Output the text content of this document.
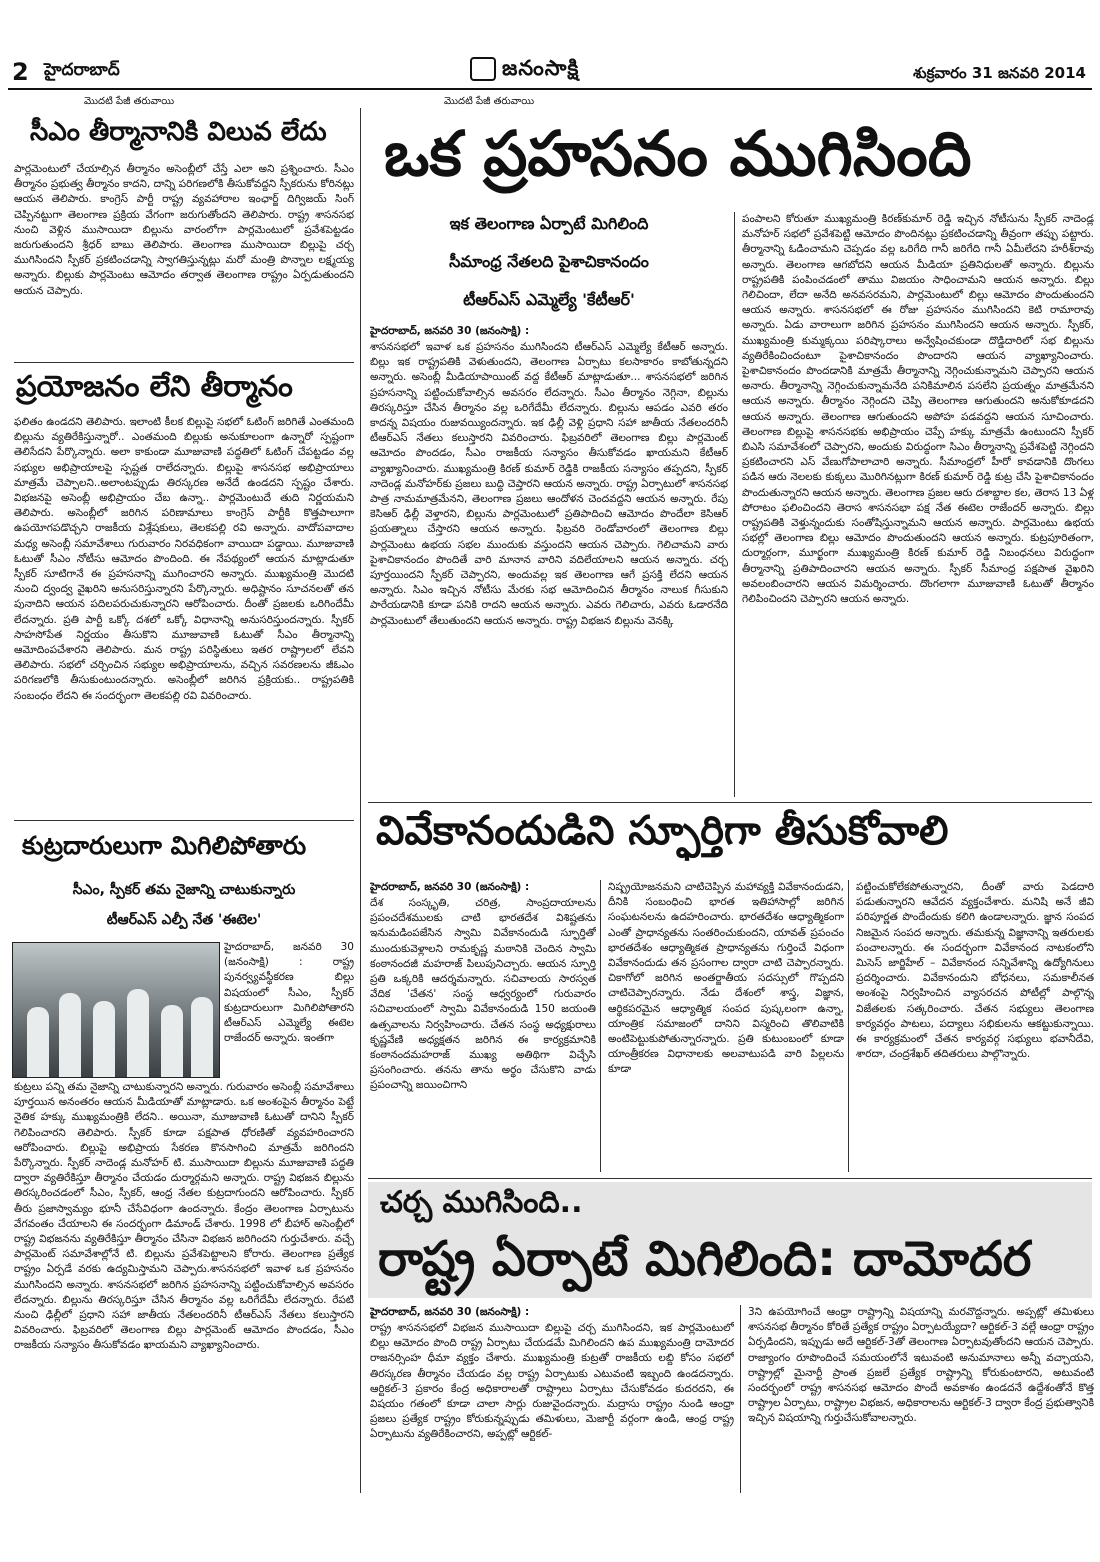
2 హైదరాబాద్	జనంసాక్షి	శుక్రవారం 31 జనవరి 2014
మొదటి పేజీ తరువాయి	మొదటి పేజీ తరువాయి
సీఎం తీర్మానానికి విలువ లేదు
పార్లమెంటులో చేయాల్సిన తీర్మానం అసెంబ్లీలో చేస్తే ఎలా అని ప్రశ్నించారు. సీఎం తీర్మానం ప్రభుత్వ తీర్మానం కాదని, దాన్ని పరిగణలోకి తీసుకోవద్దని స్పీకరును కోరినట్లు ఆయన తెలిపారు. కాంగ్రెస్ పార్టీ రాష్ట్ర వ్యవహారాల ఇంఛార్జ్ దిగ్విజయ్ సింగ్ చెప్పినట్టుగా తెలంగాణ ప్రక్రియ వేగంగా జరుగుతోందని తెలిపారు. రాష్ట్ర శాసనసభ నుంచి వెళ్లిన ముసాయిదా బిల్లును వారంలోగా పార్లమెంటులో ప్రవేశపెట్టడం జరుగుతుందని శ్రీధర్ బాబు తెలిపారు. తెలంగాణ ముసాయిదా బిల్లుపై చర్చ ముగిసిందని స్పీకర్ ప్రకటించడాన్ని స్వాగతిస్తున్నట్లు మరో మంత్రి పొన్నాల లక్ష్మయ్య అన్నారు. బిల్లుకు పార్లమెంటు ఆమోదం తర్వాత తెలంగాణ రాష్ట్రం ఏర్పడుతుందని ఆయన చెప్పారు.
ప్రయోజనం లేని తీర్మానం
ఫలితం ఉండదని తెలిపారు. ఇలాంటి కీలక బిల్లుపై సభలో ఓటింగ్ జరిగితే ఎంతమంది బిల్లును వ్యతిరేకిస్తున్నారో.. ఎంతమంది బిల్లుకు అనుకూలంగా ఉన్నారో స్పష్టంగా తెలిసేదని పేర్కొన్నారు. అలా కాకుండా మూజువాణి పద్ధతిలో ఓటింగ్ చేపట్టడం వల్ల సభ్యుల అభిప్రాయాలపై స్పష్టత రాలేదన్నారు. బిల్లుపై శాసనసభ అభిప్రాయాలు మాత్రమే చెప్పాలని..అలాంటప్పుడు తిరస్కరణ అనేదే ఉండదని స్పష్టం చేశారు. విభజనపై అసెంబ్లీ అభిప్రాయం చేబ ఉన్నా.. పార్లమెంటుదే తుది నిర్ణయమని తెలిపారు. అసెంబ్లీలో జరిగిన పరిణామాలు కాంగ్రెస్ పార్టీకి కొత్తపాలూగా ఉపయోగపడొచ్చని రాజకీయ విశ్లేషకులు, తెలకపల్లి రవి అన్నారు. వాదోపవాదాల మధ్య అసెంబ్లీ సమావేశాలు గురువారం నిరవధికంగా వాయిదా పడ్డాయి. మూజువాణి ఓటుతో సీఎం నోటీసు ఆమోదం పొందింది. ఈ నేపథ్యంలో ఆయన మాట్లాడుతూ స్పీకర్ సూటిగానే ఈ ప్రహసనాన్ని ముగించారని అన్నారు. ముఖ్యమంత్రి మొదటి నుంచి ద్వంద్వ వైఖరిని అనుసరిస్తున్నారని పేర్కొన్నారు. అధిష్టానం సూచనలతో తన పునాదిని ఆయన పదిలపరుచుకున్నారని ఆరోపించారు. దీంతో ప్రజలకు ఒరిగిందేమీ లేదన్నారు. ప్రతి పార్టీ ఒక్కో దశలో ఒక్కో విధానాన్ని అనుసరిస్తుందన్నారు. స్పీకర్ సాహసోపేత నిర్ణయం తీసుకొని మూజువాణి ఓటుతో సీఎం తీర్మానాన్ని ఆమోదింపచేశారని తెలిపారు. మన రాష్ట్ర పరిస్థితులు ఇతర రాష్ట్రాలలో లేవని తెలిపారు. సభలో చర్చించిన సభ్యుల అభిప్రాయాలను, వచ్చిన సవరణలను జీఓఎం పరిగణలోకి తీసుకుంటుందన్నారు. అసెంబ్లీలో జరిగిన ప్రక్రియకు.. రాష్ట్రపతికి సంబంధం లేదని ఈ సందర్భంగా తెలకపల్లి రవి వివరించారు.
కుట్రదారులుగా మిగిలిపోతారు
సీఎం, స్పీకర్ తమ నైజాన్ని చాటుకున్నారు
టీఆర్ఎస్ ఎల్పీ నేత 'ఈటెల'
హైదరాబాద్, జనవరి 30 (జనంసాక్షి) : రాష్ట్ర పునర్వ్యవస్థీకరణ బిల్లు విషయంలో సీఎం, స్పీకర్ కుట్రదారులుగా మిగిలిపోతారని టీఆర్ఎస్ ఎమ్మెల్యే ఈటెల రాజేందర్ అన్నారు. ఇంతగా
కుట్రలు పన్ని తమ నైజాన్ని చాటుకున్నారని అన్నారు. గురువారం అసెంబ్లీ సమావేశాలు పూర్తయిన అనంతరం ఆయన మీడియాతో మాట్లాడారు. ఒక అంశంపైన తీర్మానం పెట్టే నైతిక హక్కు ముఖ్యమంత్రికి లేదని.. అయినా, మూజువాణి ఓటుతో దానిని స్పీకర్ గెలిపించారని తెలిపారు. స్పీకర్ కూడా పక్షపాత ధోరణితో వ్యవహరించారని ఆరోపించారు. బిల్లుపై అభిప్రాయ సేకరణ కొనసాగించి మాత్రమే జరిగిందని పేర్కొన్నారు. స్పీకర్ నాదెండ్ల మనోహర్ టి. ముసాయిదా బిల్లును మూజువాణి పద్ధతి ద్వారా వ్యతిరేకిస్తూ తీర్మానం చేయడం దుర్మార్గమని అన్నారు. రాష్ట్ర విభజన బిల్లును తిరస్కరించడంలో సీఎం, స్పీకర్, ఆంధ్ర నేతల కుట్రదాగుందని ఆరోపించారు. స్పీకర్ తీరు ప్రజాస్వామ్యం భూనీ చేసేవిధంగా ఉందన్నారు. కేంద్రం తెలంగాణ ఏర్పాటును వేగవంతం చేయాలని ఈ సందర్భంగా డిమాండ్ చేశారు. 1998 లో బీహార్ అసెంబ్లీలో రాష్ట్ర విభజనను వ్యతిరేకిస్తూ తీర్మానం చేసినా విభజన జరిగిందని గుర్తుచేశారు. వచ్చే పార్లమెంట్ సమావేశాల్లోనే టి. బిల్లును ప్రవేశపెట్టాలని కోరారు. తెలంగాణ ప్రత్యేక రాష్ట్రం ఏర్పడే వరకు ఉద్యమిస్తామని చెప్పారు.శాసనసభలో ఇవాళ ఒక ప్రహసనం ముగిసిందని అన్నారు. శాసనసభలో జరిగిన ప్రహసనాన్ని పట్టించుకోవాల్సిన అవసరం లేదన్నారు. బిల్లును తిరస్కరిస్తూ చేసిన తీర్మానం వల్ల ఒరిగేదేమీ లేదన్నారు. రేపటి నుంచి ఢిల్లీలో ప్రధాని సహా జాతీయ నేతలందరినీ టీఆర్ఎస్ నేతలు కలుస్తారని వివరించారు. ఫిబ్రవరిలో తెలంగాణ బిల్లు పార్లమెంట్ ఆమోదం పొందడం, సీఎం రాజకీయ సన్యాసం తీసుకోవడం ఖాయమని వ్యాఖ్యానించారు.
ఒక ప్రహసనం ముగిసింది
ఇక తెలంగాణ ఏర్పాటే మిగిలింది
సీమాంధ్ర నేతలది పైశాచికానందం
టీఆర్ఎస్ ఎమ్మెల్యే 'కేటీఆర్'
హైదరాబాద్, జనవరి 30 (జనంసాక్షి) :
శాసనసభలో ఇవాళ ఒక ప్రహసనం ముగిసిందని టీఆర్ఎస్ ఎమ్మెల్యే కేటీఆర్ అన్నారు. బిల్లు ఇక రాష్ట్రపతికి వెళుతుందని, తెలంగాణ ఏర్పాటు కలసాకారం కాబోతున్నదని అన్నారు. అసెంబ్లీ మీడియాపాయింట్ వద్ద కేటీఆర్ మాట్లాడుతూ... శాసనసభలో జరిగిన ప్రహసనాన్ని పట్టించుకోవాల్సిన అవసరం లేదన్నారు. సీఎం తీర్మానం నెగ్గినా, బిల్లును తిరస్కరిస్తూ చేసిన తీర్మానం వల్ల ఒరిగేదేమీ లేదన్నారు. బిల్లును ఆపడం ఎవరి తరం కాదన్న విషయం రుజువయ్యిందన్నారు. ఇక ఢిల్లీ వెళ్లి ప్రధాని సహా జాతీయ నేతలందరినీ టీఆర్ఎస్ నేతలు కలుస్తారని వివరించారు. ఫిబ్రవరిలో తెలంగాణ బిల్లు పార్లమెంట్ ఆమోదం పొందడం, సీఎం రాజకీయ సన్యాసం తీసుకోవడం ఖాయమని కేటీఆర్ వ్యాఖ్యానించారు. ముఖ్యమంత్రి కిరణ్ కుమార్ రెడ్డికి రాజకీయ సన్యాసం తప్పదని, స్పీకర్ నాదెండ్ల మనోహర్‌కు ప్రజలు బుద్ధి చెప్తారని ఆయన అన్నారు. రాష్ట్ర ఏర్పాటులో శాసనసభ పాత్ర నామమాత్రమేనని, తెలంగాణ ప్రజలు ఆందోళన చెందవద్దని ఆయన అన్నారు. రేపు కెసిఆర్ ఢిల్లీ వెళ్తారని, బిల్లును పార్లమెంటులో ప్రతిపాదించి ఆమోదం పొందేలా కెసిఆర్ ప్రయత్నాలు చేస్తారని ఆయన అన్నారు. ఫిబ్రవరి రెండోవారంలో తెలంగాణ బిల్లు పార్లమెంటు ఉభయ సభల ముందుకు వస్తుందని ఆయన చెప్పారు. గెలిచామని వారు పైశాచికానందం పొందితే వారి మానాన వారిని వదిలేయాలని ఆయన అన్నారు. చర్చ పూర్తయిందని స్పీకర్ చెప్పారని, అందువల్ల ఇక తెలంగాణ ఆగే ప్రసక్తి లేదని ఆయన అన్నారు. సిఎం ఇచ్చిన నోటీసు మేరకు సభ ఆమోదించిన తీర్మానం నాలుక గీసుకుని పారేయడానికి కూడా పనికి రాదని ఆయన అన్నారు. ఎవరు గెలిచారు, ఎవరు ఓడారనేది పార్లమెంటులో తేలుతుందని ఆయన అన్నారు. రాష్ట్ర విభజన బిల్లును వెనక్కి
పంపాలని కోరుతూ ముఖ్యమంత్రి కిరణ్‌కుమార్ రెడ్డి ఇచ్చిన నోటీసును స్పీకర్ నాదెండ్ల మనోహర్ సభలో ప్రవేశపెట్టి ఆమోదం పొందినట్లు ప్రకటించడాన్ని తీవ్రంగా తప్పు పట్టారు. తీర్మానాన్ని ఓడించామని చెప్పడం వల్ల ఒరిగేది గానీ జరిగేది గానీ ఏమీలేదని హరీశ్‌రావు అన్నారు. తెలంగాణ ఆగబోదని ఆయన మీడియా ప్రతినిధులతో అన్నారు. బిల్లును రాష్ట్రపతికి పంపించడంలో తాము విజయం సాధించామని ఆయన అన్నారు. బిల్లు గెలిచిందా, లేదా అనేది అనవసరమని, పార్లమెంటులో బిల్లు ఆమోదం పొందుతుందని ఆయన అన్నారు. శాసనసభలో ఈ రోజు ప్రహసనం ముగిసిందని కెటి రామారావు అన్నారు. ఏడు వారాలుగా జరిగిన ప్రహసనం ముగిసిందని ఆయన అన్నారు. స్పీకర్, ముఖ్యమంత్రి కుమ్మక్కయి పరిష్కారాలు అన్వేషించకుండా దొడ్డిదారిలో సభ బిల్లును వ్యతిరేకించిందంటూ పైశాచికానందం పొందారని ఆయన వ్యాఖ్యానించారు. పైశాచికానందం పొందడానికి మాత్రమే తీర్మానాన్ని నెగ్గించుకున్నామని చెప్పారని ఆయన అనారు. తీర్మానాన్ని నెగ్గించుకున్నామనేది పనికిమాలిన పసలేని ప్రయత్నం మాత్రమేనని ఆయన అన్నారు. తీర్మానం నెగ్గిందని చెప్పి తెలంగాణ ఆగుతుందని అనుకోకూడదని ఆయన అన్నారు. తెలంగాణ ఆగుతుందని అపోహ పడవద్దని ఆయన సూచించారు. తెలంగాణ బిల్లుపై శాసనసభకు అభిప్రాయం చెప్పే హక్కు మాత్రమే ఉంటుందని స్పీకర్ బిఎసి సమావేశంలో చెప్పారని, అందుకు విరుద్ధంగా సిఎం తీర్మానాన్ని ప్రవేశపెట్టి నెగ్గిందని ప్రకటించారని ఎస్ వేణుగోపాలాచారి అన్నారు. సీమాంధ్రలో హీరో కావడానికి దొంగలు పడిన ఆరు నెలలకు కుక్కలు మొరిగినట్లుగా కిరణ్ కుమార్ రెడ్డి కుట్ర చేసి పైశాచికానందం పొందుతున్నారని ఆయన అన్నారు. తెలంగాణ ప్రజల ఆరు దశాబ్దాల కల, తెరాస 13 ఏళ్ల పోరాటం ఫలించిందని తెరాస శాసనసభా పక్ష నేత ఈటెల రాజేందర్ అన్నారు. బిల్లు రాష్ట్రపతికి వెళ్తున్నందుకు సంతోషిస్తున్నామని ఆయన అన్నారు. పార్లమెంటు ఉభయ సభల్లో తెలంగాణ బిల్లు ఆమోదం పొందుతుందని ఆయన అన్నారు. కుట్రపూరితంగా, దుర్మార్గంగా, మూర్ఖంగా ముఖ్యమంత్రి కిరణ్ కుమార్ రెడ్డి నిబంధనలు విరుద్ధంగా తీర్మానాన్ని ప్రతిపాదించారని ఆయన అన్నారు. స్పీకర్ సీమాంధ్ర పక్షపాత వైఖరిని అవలంబించారని ఆయన విమర్శించారు. దొంగలాగా మూజువాణి ఓటుతో తీర్మానం గెలిపించిందని చెప్పారని ఆయన అన్నారు.
వివేకానందుడిని స్ఫూర్తిగా తీసుకోవాలి
హైదరాబాద్, జనవరి 30 (జనంసాక్షి) :
దేశ సంస్కృతి, చరిత్ర, సాంప్రదాయాలను ప్రపంచదేశములకు చాటి భారతదేశ విశిష్టతను ఇనుమడింపజేసిన స్వామి వివేకానందుడి స్ఫూర్తితో ముందుకువెళ్లాలని రామకృష్ణ మఠానికి చెందిన స్వామి కంఠానందజీ మహరాజ్ పిలుపునిచ్చారు. ఆయన స్ఫూర్తి ప్రతి ఒక్కరికి ఆదర్శమన్నారు. సచివాలయ సారస్వత వేదిక 'చేతన' సంస్థ ఆధ్వర్యంలో గురువారం సచివాలయంలో స్వామి వివేకానందుడి 150 జయంతి ఉత్సవాలను నిర్వహించారు. చేతన సంస్థ అధ్యక్షురాలు కృష్ణవేణి అధ్యక్షతన జరిగిన ఈ కార్యక్రమానికి కంఠానందమహరాజ్ ముఖ్య అతిథిగా విచ్చేసి ప్రసంగించారు. తనను తాను అర్థం చేసుకొని వాడు ప్రపంచాన్ని జయించిగాని
నిష్ప్రయోజనమని చాటిచెప్పిన మహావ్యక్తి వివేకానందుడని, దీనికి సంబంధించి భారత ఇతిహాసాల్లో జరిగిన సంఘటనలను ఉదహరించారు. భారతదేశం ఆధ్యాత్మికంగా ఎంతో ప్రాధాన్యతను సంతరించుకుందని, యావత్ ప్రపంచం భారతదేశం ఆధ్యాత్మికత ప్రాధాన్యతను గుర్తించే విధంగా వివేకానందుడు తన ప్రసంగాల ద్వారా చాటి చెప్పారన్నారు. చికాగోలో జరిగిన అంతర్జాతీయ సదస్సులో గొప్పదని చాటిచెప్పారన్నారు. నేడు దేశంలో శాస్త్ర, విజ్ఞాన, ఆర్థికపరమైన ఆధ్యాత్మిక సంపద పుష్కలంగా ఉన్నా, యాంత్రిక సమాజంలో దానిని విస్మరించి తొలివాటికి అంటిపెట్టుకుపోతున్నారన్నారు. ప్రతి కుటుంబంలో కూడా యాంత్రీకరణ విధానాలకు అలవాటుపడి వారి పిల్లలను కూడా
పట్టించుకోలేకపోతున్నారని, దీంతో వారు పెడదారి పడుతున్నారని ఆవేదన వ్యక్తంచేశారు. మనిషి అనే జీవి పరిపూర్ణత పొందేందుకు కలిగి ఉండాలన్నారు. జ్ఞాన సంపద నిజమైన సంపద అన్నారు. తమకున్న విజ్ఞానాన్ని ఇతరులకు పంచాలన్నారు. ఈ సందర్భంగా వివేకానంద నాటకంలోని మిసెస్ జార్జిహేల్ – వివేకానంద సన్నివేశాన్ని ఉద్యోగినులు ప్రదర్శించారు. వివేకానందుని బోధనలు, సమకాలీనత అంశంపై నిర్వహించిన వ్యాసరచన పోటీల్లో పాల్గొన్న విజేతలకు సత్కరించారు. చేతన సభ్యులు తెలంగాణ కార్యవర్గం పాటలు, పద్యాలు సభికులను ఆకట్టుకున్నాయి. ఈ కార్యక్రమంలో చేతన కార్యవర్గ సభ్యులు భవానీదేవి, శారదా, చంద్రశేఖర్ తదితరులు పాల్గొన్నారు.
చర్చ ముగిసింది..
రాష్ట్ర ఏర్పాటే మిగిలింది: దామోదర
హైదరాబాద్, జనవరి 30 (జనంసాక్షి) :
రాష్ట్ర శాసనసభలో విభజన ముసాయిదా బిల్లుపై చర్చ ముగిసిందని, ఇక పార్లమెంటులో బిల్లు ఆమోదం పొంది రాష్ట్ర ఏర్పాటు చేయడమే మిగిలిందని ఉప ముఖ్యమంత్రి దామోదర రాజనర్సింహ ధీమా వ్యక్తం చేశారు. ముఖ్యమంత్రి కుట్రతో రాజకీయ లబ్ది కోసం సభలో తిరస్కరణ తీర్మానం చేయడం వల్ల రాష్ట్ర ఏర్పాటుకు ఎటువంటి ఇబ్బంది ఉండదన్నారు. ఆర్టికల్-3 ప్రకారం కేంద్ర అధికారాలతో రాష్ట్రాలు ఏర్పాటు చేసుకోవడం కుదరదని, ఈ విషయం గతంలో కూడా చాలా సార్లు రుజువైందన్నారు. మద్రాసు రాష్ట్రం నుండి ఆంధ్రా ప్రజలు ప్రత్యేక రాష్ట్రం కోరుకున్నప్పుడు తమిళులు, మెజార్టీ వర్గంగా ఉండి, ఆంధ్ర రాష్ట్ర ఏర్పాటును వ్యతిరేకించారని, అప్పట్లో ఆర్టికల్-
3ని ఉపయోగించే ఆంధ్రా రాష్ట్రాన్ని విషయాన్ని మరవొద్దన్నారు. అప్పట్లో తమిళులు శాసనసభ తీర్మానం కోరితే ప్రత్యేక రాష్ట్రం ఏర్పాటయ్యేదా? ఆర్టికల్-3 వల్లే ఆంధ్రా రాష్ట్రం ఏర్పడిందని, ఇప్పుడు అదే ఆర్టికల్-3తో తెలంగాణ ఏర్పాటవుతోందని ఆయన చెప్పారు. రాజ్యాంగం రూపొందించే సమయంలోనే ఇటువంటి అనుమానాలు అన్నీ వచ్చాయని, రాష్ట్రాల్లో మైనార్టీ ప్రాంత ప్రజలే ప్రత్యేక రాష్ట్రాన్ని కోరుకుంటారని, అటువంటి సందర్భంలో రాష్ట్ర శాసనసభ ఆమోదం పొందే అవకాశం ఉండదనే ఉద్దేశంతోనే కొత్త రాష్ట్రాల ఏర్పాటు, రాష్ట్రాల విభజన, అధికారాలను ఆర్టికల్-3 ద్వారా కేంద్ర ప్రభుత్వానికి ఇచ్చిన విషయాన్ని గుర్తుచేసుకోవాలన్నారు.
